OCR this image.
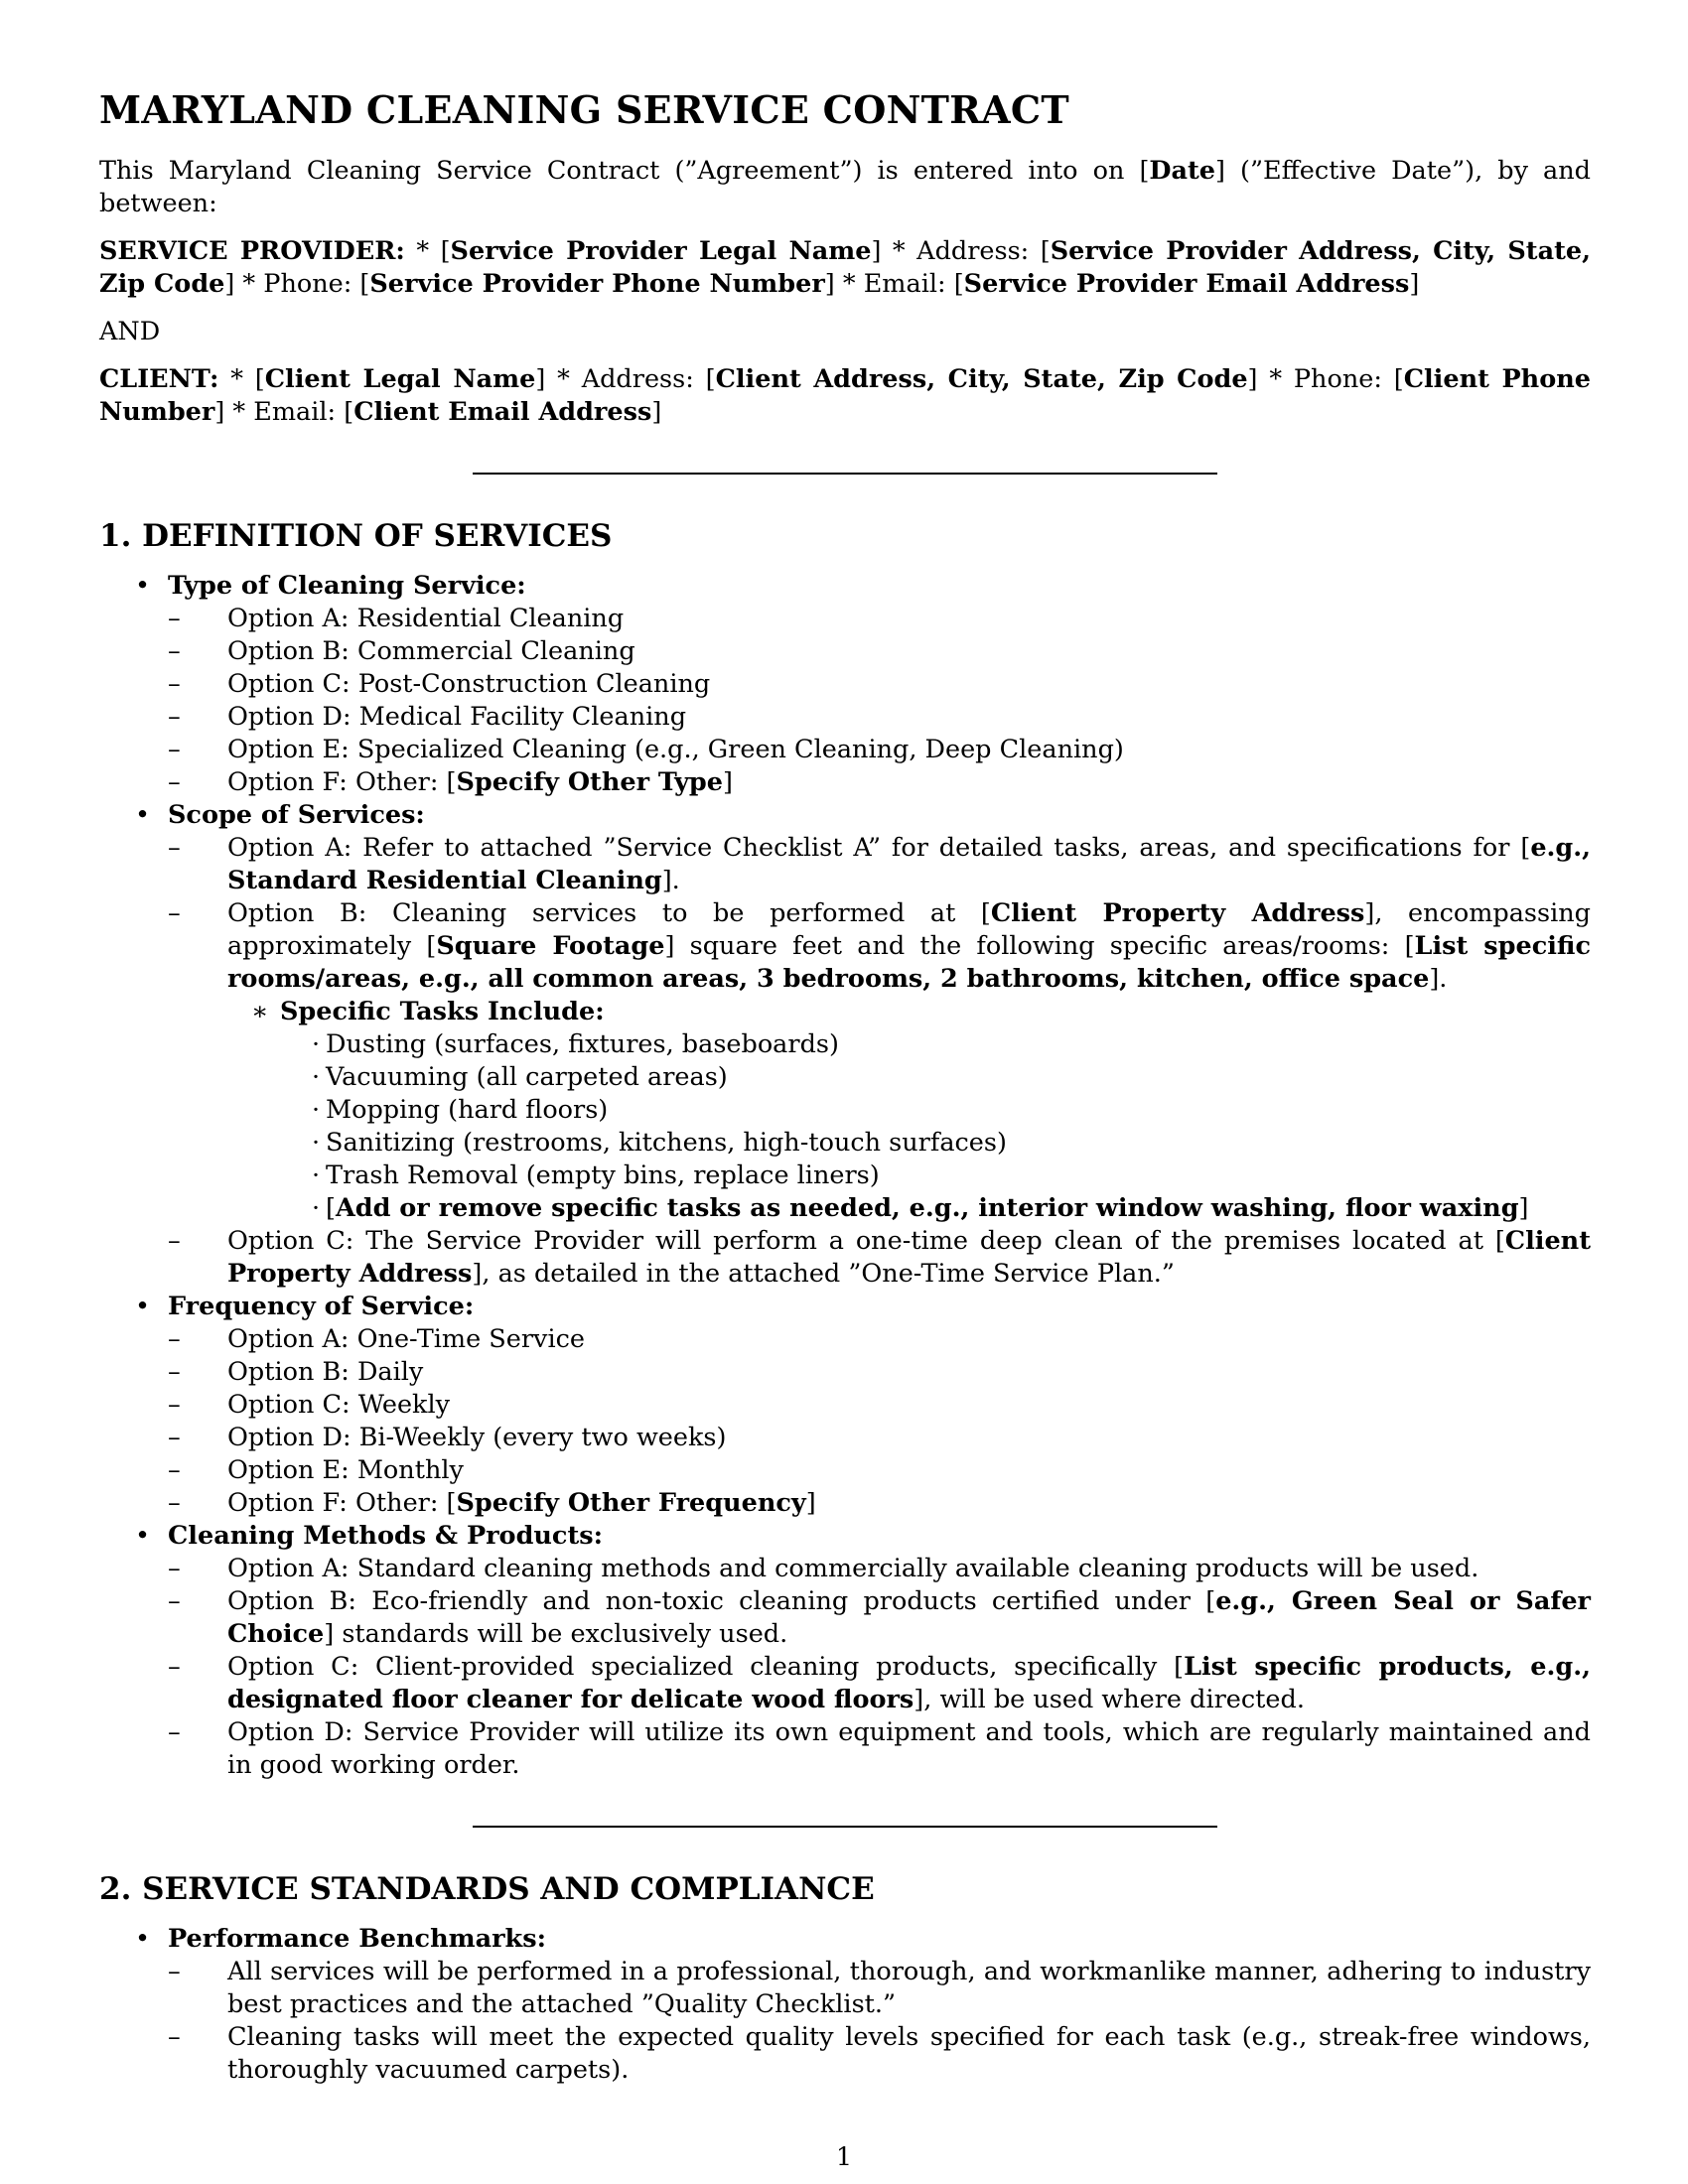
MARYLAND CLEANING SERVICE CONTRACT

This Maryland Cleaning Service Contract (”Agreement”) is entered into on [Date] (”Effective Date”), by and between:

SERVICE PROVIDER: * [Service Provider Legal Name] * Address: [Service Provider Address, City, State, Zip Code] * Phone: [Service Provider Phone Number] * Email: [Service Provider Email Address]

AND

CLIENT: * [Client Legal Name] * Address: [Client Address, City, State, Zip Code] * Phone: [Client Phone Number] * Email: [Client Email Address]

1. DEFINITION OF SERVICES
• Type of Cleaning Service:
–	Option A: Residential Cleaning
–	Option B: Commercial Cleaning
–	Option C: Post-Construction Cleaning
–	Option D: Medical Facility Cleaning
–	Option E: Specialized Cleaning (e.g., Green Cleaning, Deep Cleaning)
–	Option F: Other: [Specify Other Type]
• Scope of Services:
–	Option A: Refer to attached ”Service Checklist A” for detailed tasks, areas, and specifications for [e.g., Standard Residential Cleaning].
–	Option B: Cleaning services to be performed at [Client Property Address], encompassing approximately [Square Footage] square feet and the following specific areas/rooms: [List specific rooms/areas, e.g., all common areas, 3 bedrooms, 2 bathrooms, kitchen, office space].
∗ Specific Tasks Include:
· Dusting (surfaces, fixtures, baseboards)
· Vacuuming (all carpeted areas)
· Mopping (hard floors)
· Sanitizing (restrooms, kitchens, high-touch surfaces)
· Trash Removal (empty bins, replace liners)
· [Add or remove specific tasks as needed, e.g., interior window washing, floor waxing]
–	Option C: The Service Provider will perform a one-time deep clean of the premises located at [Client Property Address], as detailed in the attached ”One-Time Service Plan.”
• Frequency of Service:
–	Option A: One-Time Service
–	Option B: Daily
–	Option C: Weekly
–	Option D: Bi-Weekly (every two weeks)
–	Option E: Monthly
–	Option F: Other: [Specify Other Frequency]
• Cleaning Methods & Products:
–	Option A: Standard cleaning methods and commercially available cleaning products will be used.
–	Option B: Eco-friendly and non-toxic cleaning products certified under [e.g., Green Seal or Safer Choice] standards will be exclusively used.
–	Option C: Client-provided specialized cleaning products, specifically [List specific products, e.g., designated floor cleaner for delicate wood floors], will be used where directed.
–	Option D: Service Provider will utilize its own equipment and tools, which are regularly maintained and in good working order.
2. SERVICE STANDARDS AND COMPLIANCE
• Performance Benchmarks:
–	All services will be performed in a professional, thorough, and workmanlike manner, adhering to industry best practices and the attached ”Quality Checklist.”
–	Cleaning tasks will meet the expected quality levels specified for each task (e.g., streak-free windows, thoroughly vacuumed carpets).
1
